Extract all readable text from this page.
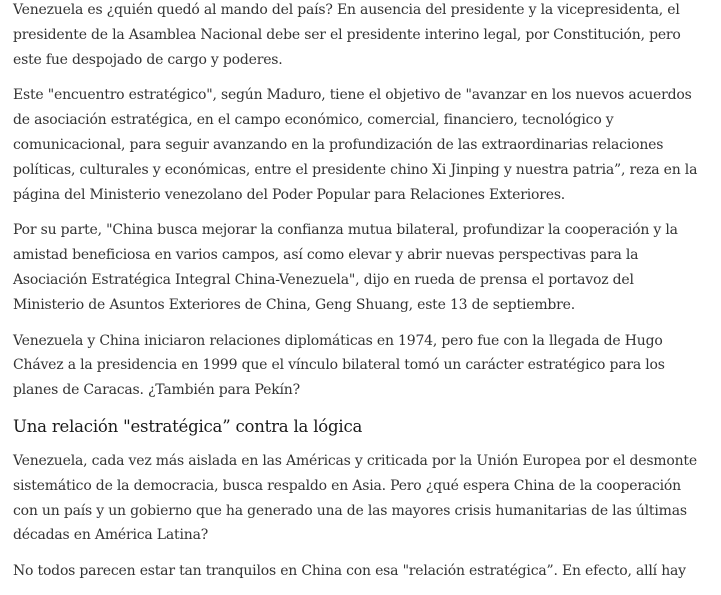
Venezuela es ¿quién quedó al mando del país? En ausencia del presidente y la vicepresidenta, el presidente de la Asamblea Nacional debe ser el presidente interino legal, por Constitución, pero este fue despojado de cargo y poderes.

Este "encuentro estratégico", según Maduro, tiene el objetivo de "avanzar en los nuevos acuerdos de asociación estratégica, en el campo económico, comercial, financiero, tecnológico y comunicacional, para seguir avanzando en la profundización de las extraordinarias relaciones políticas, culturales y económicas, entre el presidente chino Xi Jinping y nuestra patria”, reza en la página del Ministerio venezolano del Poder Popular para Relaciones Exteriores.

Por su parte, "China busca mejorar la confianza mutua bilateral, profundizar la cooperación y la amistad beneficiosa en varios campos, así como elevar y abrir nuevas perspectivas para la Asociación Estratégica Integral China-Venezuela", dijo en rueda de prensa el portavoz del Ministerio de Asuntos Exteriores de China, Geng Shuang, este 13 de septiembre.

Venezuela y China iniciaron relaciones diplomáticas en 1974, pero fue con la llegada de Hugo Chávez a la presidencia en 1999 que el vínculo bilateral tomó un carácter estratégico para los planes de Caracas. ¿También para Pekín?

Una relación "estratégica” contra la lógica

Venezuela, cada vez más aislada en las Américas y criticada por la Unión Europea por el desmonte sistemático de la democracia, busca respaldo en Asia. Pero ¿qué espera China de la cooperación con un país y un gobierno que ha generado una de las mayores crisis humanitarias de las últimas décadas en América Latina?

No todos parecen estar tan tranquilos en China con esa "relación estratégica”. En efecto, allí hay
